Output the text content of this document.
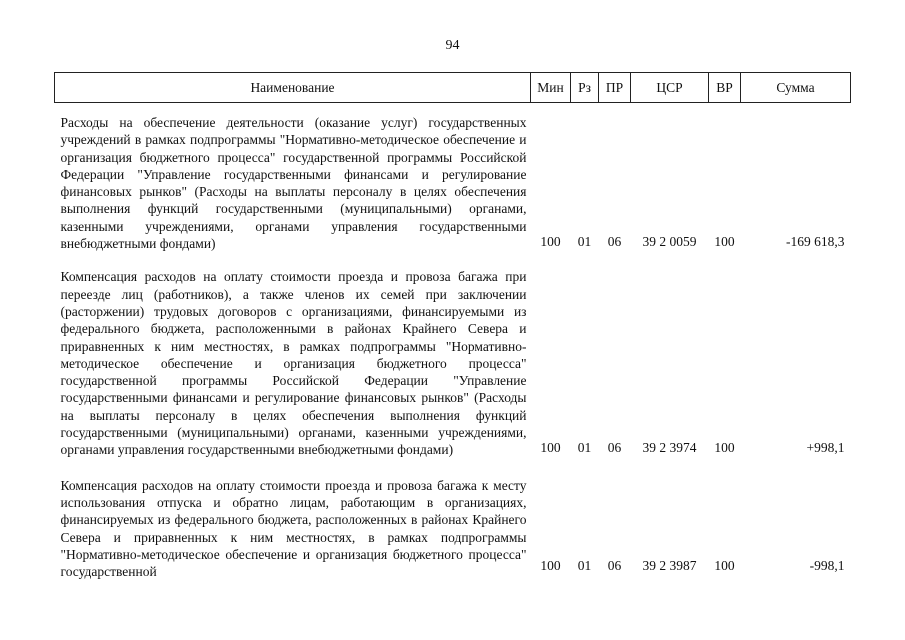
94
Наименование	Мин	Рз	ПР	ЦСР	ВР	Сумма

Расходы на обеспечение деятельности (оказание услуг) государственных учреждений в рамках подпрограммы "Нормативно-методическое обеспечение и организация бюджетного процесса" государственной программы Российской Федерации "Управление государственными финансами и регулирование финансовых рынков" (Расходы на выплаты персоналу в целях обеспечения выполнения функций государственными (муниципальными) органами, казенными учреждениями, органами управления государственными внебюджетными фондами)	100	01	06	39 2 0059	100	-169 618,3

Компенсация расходов на оплату стоимости проезда и провоза багажа при переезде лиц (работников), а также членов их семей при заключении (расторжении) трудовых договоров с организациями, финансируемыми из федерального бюджета, расположенными в районах Крайнего Севера и приравненных к ним местностях, в рамках подпрограммы "Нормативно-методическое обеспечение и организация бюджетного процесса" государственной программы Российской Федерации "Управление государственными финансами и регулирование финансовых рынков" (Расходы на выплаты персоналу в целях обеспечения выполнения функций государственными (муниципальными) органами, казенными учреждениями, органами управления государственными внебюджетными фондами)	100	01	06	39 2 3974	100	+998,1

Компенсация расходов на оплату стоимости проезда и провоза багажа к месту использования отпуска и обратно лицам, работающим в организациях, финансируемых из федерального бюджета, расположенных в районах Крайнего Севера и приравненных к ним местностях, в рамках подпрограммы "Нормативно-методическое обеспечение и организация бюджетного процесса" государственной	100	01	06	39 2 3987	100	-998,1
